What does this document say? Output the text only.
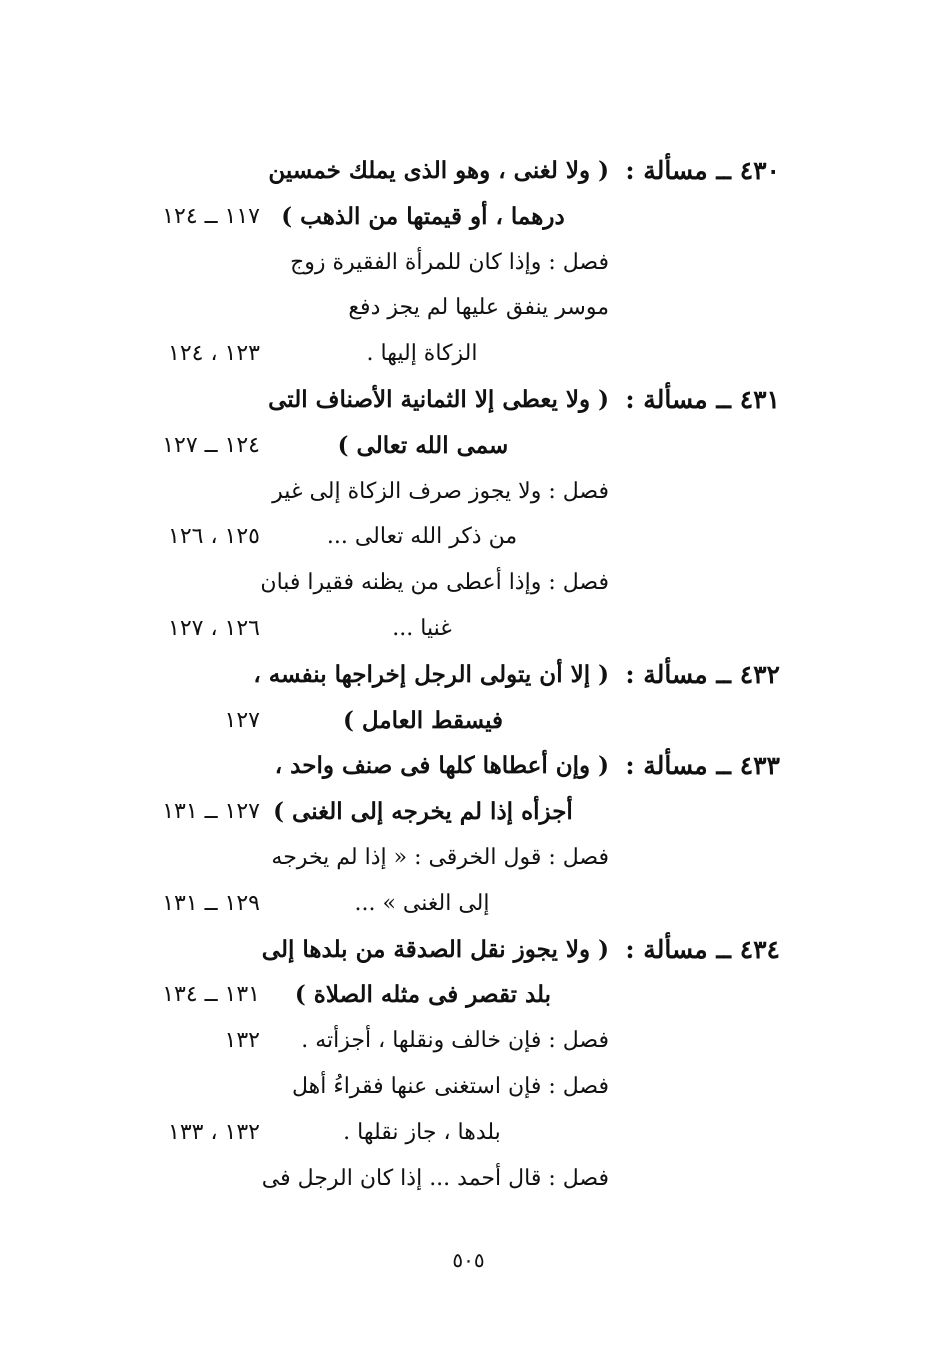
٤٣٠ ــ مسألة :
( ولا لغنى ، وهو الذى يملك خمسين
درهما ، أو قيمتها من الذهب )
١١٧ ــ ١٢٤
فصل : وإذا كان للمرأة الفقيرة زوج
موسر ينفق عليها لم يجز دفع
الزكاة إليها .
١٢٣ ، ١٢٤
٤٣١ ــ مسألة :
( ولا يعطى إلا الثمانية الأصناف التى
سمى الله تعالى )
١٢٤ ــ ١٢٧
فصل : ولا يجوز صرف الزكاة إلى غير
من ذكر الله تعالى ...
١٢٥ ، ١٢٦
فصل : وإذا أعطى من يظنه فقيرا فبان
غنيا ...
١٢٦ ، ١٢٧
٤٣٢ ــ مسألة :
( إلا أن يتولى الرجل إخراجها بنفسه ،
فيسقط العامل )
١٢٧
٤٣٣ ــ مسألة :
( وإن أعطاها كلها فى صنف واحد ،
أجزأه إذا لم يخرجه إلى الغنى )
١٢٧ ــ ١٣١
فصل : قول الخرقى : « إذا لم يخرجه
إلى الغنى » ...
١٢٩ ــ ١٣١
٤٣٤ ــ مسألة :
( ولا يجوز نقل الصدقة من بلدها إلى
بلد تقصر فى مثله الصلاة )
١٣١ ــ ١٣٤
فصل : فإن خالف ونقلها ، أجزأته .
١٣٢
فصل : فإن استغنى عنها فقراءُ أهل
بلدها ، جاز نقلها .
١٣٢ ، ١٣٣
فصل : قال أحمد ... إذا كان الرجل فى
٥٠٥
